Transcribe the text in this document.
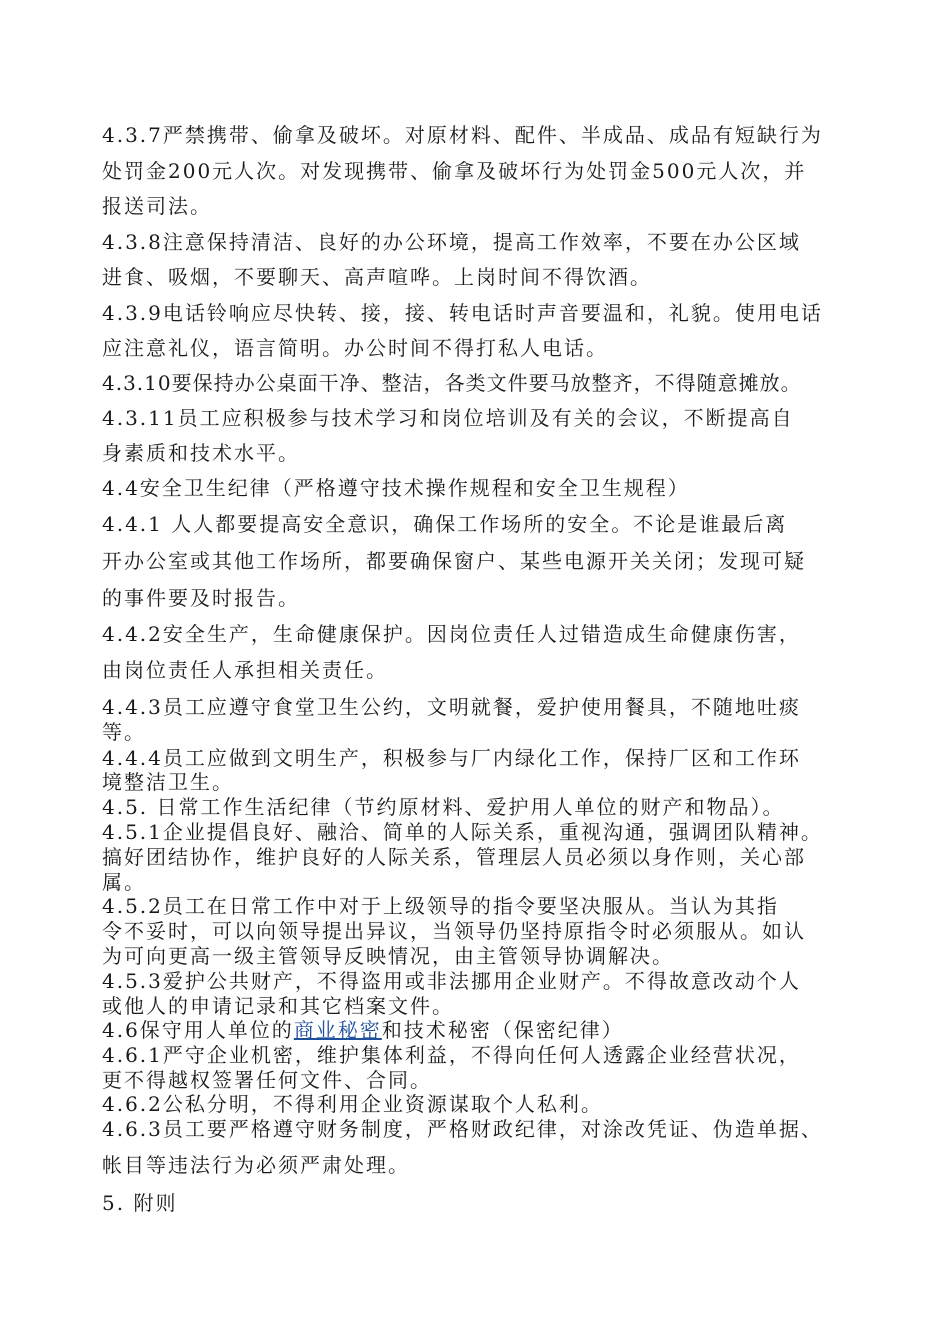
4.3.7严禁携带、偷拿及破坏。对原材料、配件、半成品、成品有短缺行为
处罚金200元人次。对发现携带、偷拿及破坏行为处罚金500元人次，并
报送司法。
4.3.8注意保持清洁、良好的办公环境，提高工作效率，不要在办公区域
进食、吸烟，不要聊天、高声喧哗。上岗时间不得饮酒。
4.3.9电话铃响应尽快转、接，接、转电话时声音要温和，礼貌。使用电话
应注意礼仪，语言简明。办公时间不得打私人电话。
4.3.10要保持办公桌面干净、整洁，各类文件要马放整齐，不得随意摊放。
4.3.11员工应积极参与技术学习和岗位培训及有关的会议，不断提高自
身素质和技术水平。
4.4安全卫生纪律（严格遵守技术操作规程和安全卫生规程）
4.4.1 人人都要提高安全意识，确保工作场所的安全。不论是谁最后离
开办公室或其他工作场所，都要确保窗户、某些电源开关关闭；发现可疑
的事件要及时报告。
4.4.2安全生产，生命健康保护。因岗位责任人过错造成生命健康伤害，
由岗位责任人承担相关责任。
4.4.3员工应遵守食堂卫生公约，文明就餐，爱护使用餐具，不随地吐痰
等。
4.4.4员工应做到文明生产，积极参与厂内绿化工作，保持厂区和工作环
境整洁卫生。
4.5. 日常工作生活纪律（节约原材料、爱护用人单位的财产和物品）。
4.5.1企业提倡良好、融洽、简单的人际关系，重视沟通，强调团队精神。
搞好团结协作，维护良好的人际关系，管理层人员必须以身作则，关心部
属。
4.5.2员工在日常工作中对于上级领导的指令要坚决服从。当认为其指
令不妥时，可以向领导提出异议，当领导仍坚持原指令时必须服从。如认
为可向更高一级主管领导反映情况，由主管领导协调解决。
4.5.3爱护公共财产，不得盗用或非法挪用企业财产。不得故意改动个人
或他人的申请记录和其它档案文件。
4.6保守用人单位的商业秘密和技术秘密（保密纪律）
4.6.1严守企业机密，维护集体利益，不得向任何人透露企业经营状况，
更不得越权签署任何文件、合同。
4.6.2公私分明，不得利用企业资源谋取个人私利。
4.6.3员工要严格遵守财务制度，严格财政纪律，对涂改凭证、伪造单据、
帐目等违法行为必须严肃处理。
5. 附则
